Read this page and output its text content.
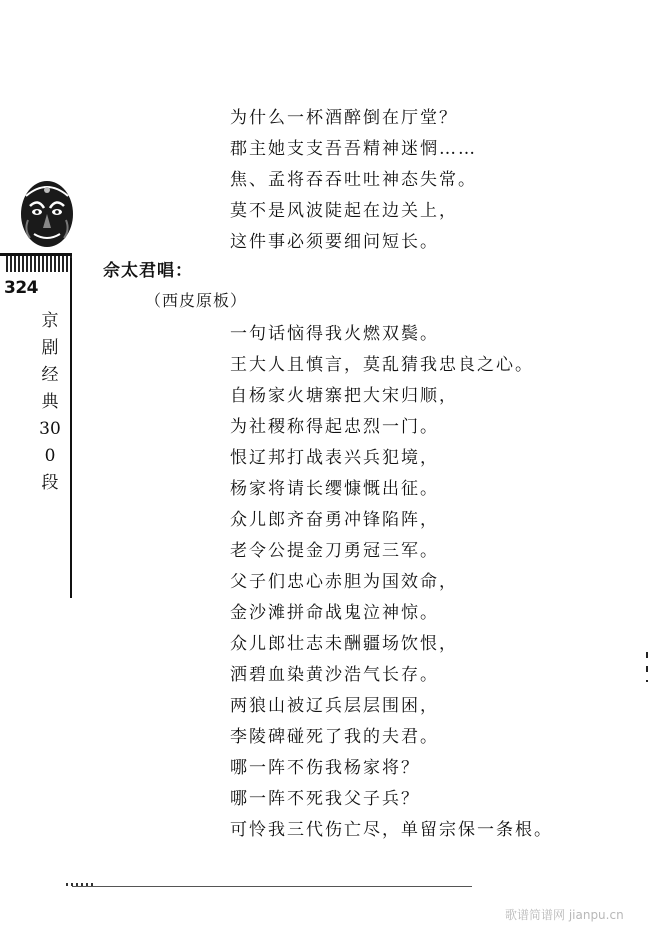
324
京剧经典300段
为什么一杯酒醉倒在厅堂？
郡主她支支吾吾精神迷惘……
焦、孟将吞吞吐吐神态失常。
莫不是风波陡起在边关上，
这件事必须要细问短长。
佘太君唱：
（西皮原板）
一句话恼得我火燃双鬓。
王大人且慎言，莫乱猜我忠良之心。
自杨家火塘寨把大宋归顺，
为社稷称得起忠烈一门。
恨辽邦打战表兴兵犯境，
杨家将请长缨慷慨出征。
众儿郎齐奋勇冲锋陷阵，
老令公提金刀勇冠三军。
父子们忠心赤胆为国效命，
金沙滩拼命战鬼泣神惊。
众儿郎壮志未酬疆场饮恨，
洒碧血染黄沙浩气长存。
两狼山被辽兵层层围困，
李陵碑碰死了我的夫君。
哪一阵不伤我杨家将？
哪一阵不死我父子兵？
可怜我三代伤亡尽，单留宗保一条根。
歌谱简谱网 jianpu.cn
